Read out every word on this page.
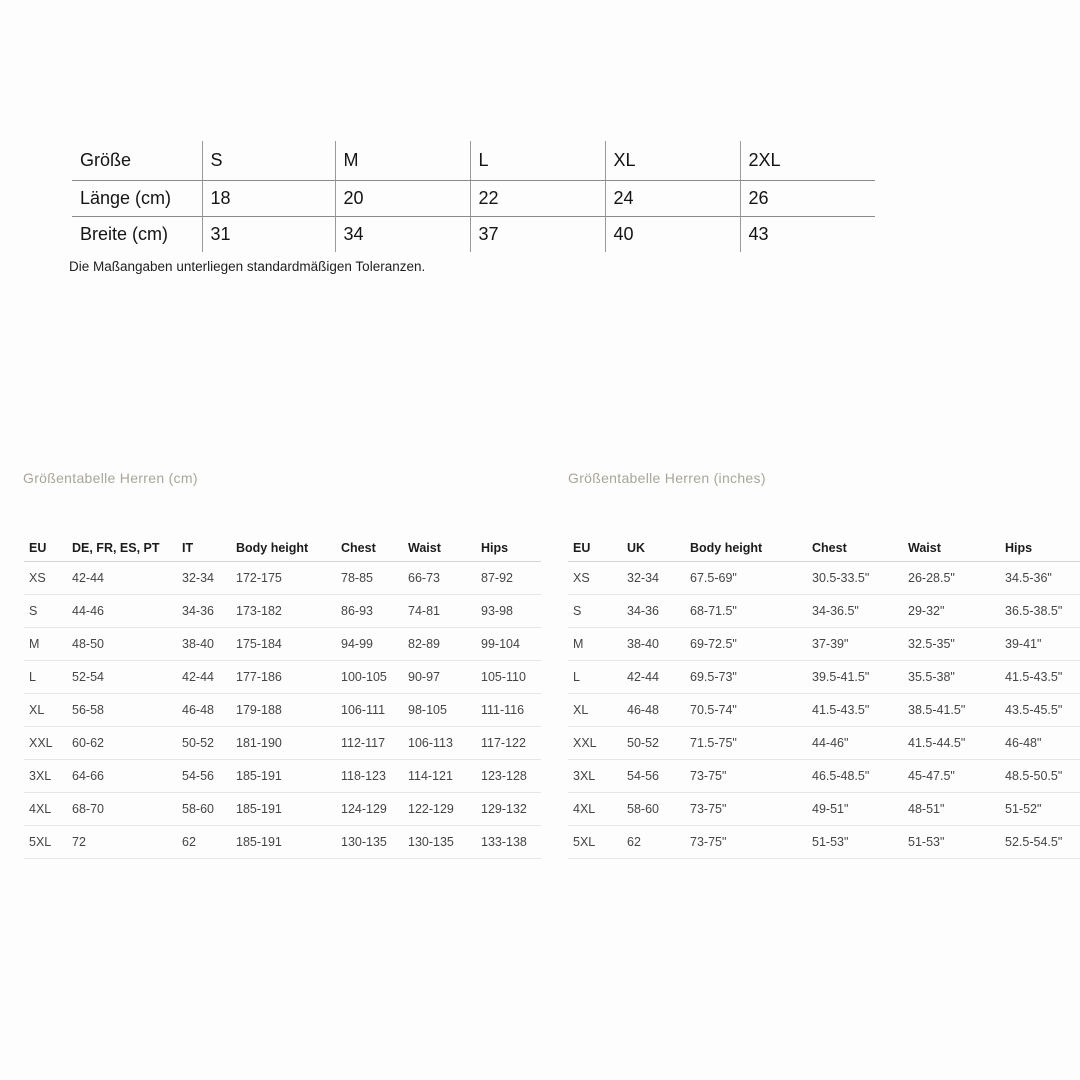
Größe	S	M	L	XL	2XL
Länge (cm)	18	20	22	24	26
Breite (cm)	31	34	37	40	43
Die Maßangaben unterliegen standardmäßigen Toleranzen.
Größentabelle Herren (cm)	Größentabelle Herren (inches)
EU	DE, FR, ES, PT	IT	Body height	Chest	Waist	Hips
XS	42-44	32-34	172-175	78-85	66-73	87-92
S	44-46	34-36	173-182	86-93	74-81	93-98
M	48-50	38-40	175-184	94-99	82-89	99-104
L	52-54	42-44	177-186	100-105	90-97	105-110
XL	56-58	46-48	179-188	106-111	98-105	111-116
XXL	60-62	50-52	181-190	112-117	106-113	117-122
3XL	64-66	54-56	185-191	118-123	114-121	123-128
4XL	68-70	58-60	185-191	124-129	122-129	129-132
5XL	72	62	185-191	130-135	130-135	133-138
EU	UK	Body height	Chest	Waist	Hips
XS	32-34	67.5-69"	30.5-33.5"	26-28.5"	34.5-36"
S	34-36	68-71.5"	34-36.5"	29-32"	36.5-38.5"
M	38-40	69-72.5"	37-39"	32.5-35"	39-41"
L	42-44	69.5-73"	39.5-41.5"	35.5-38"	41.5-43.5"
XL	46-48	70.5-74"	41.5-43.5"	38.5-41.5"	43.5-45.5"
XXL	50-52	71.5-75"	44-46"	41.5-44.5"	46-48"
3XL	54-56	73-75"	46.5-48.5"	45-47.5"	48.5-50.5"
4XL	58-60	73-75"	49-51"	48-51"	51-52"
5XL	62	73-75"	51-53"	51-53"	52.5-54.5"
